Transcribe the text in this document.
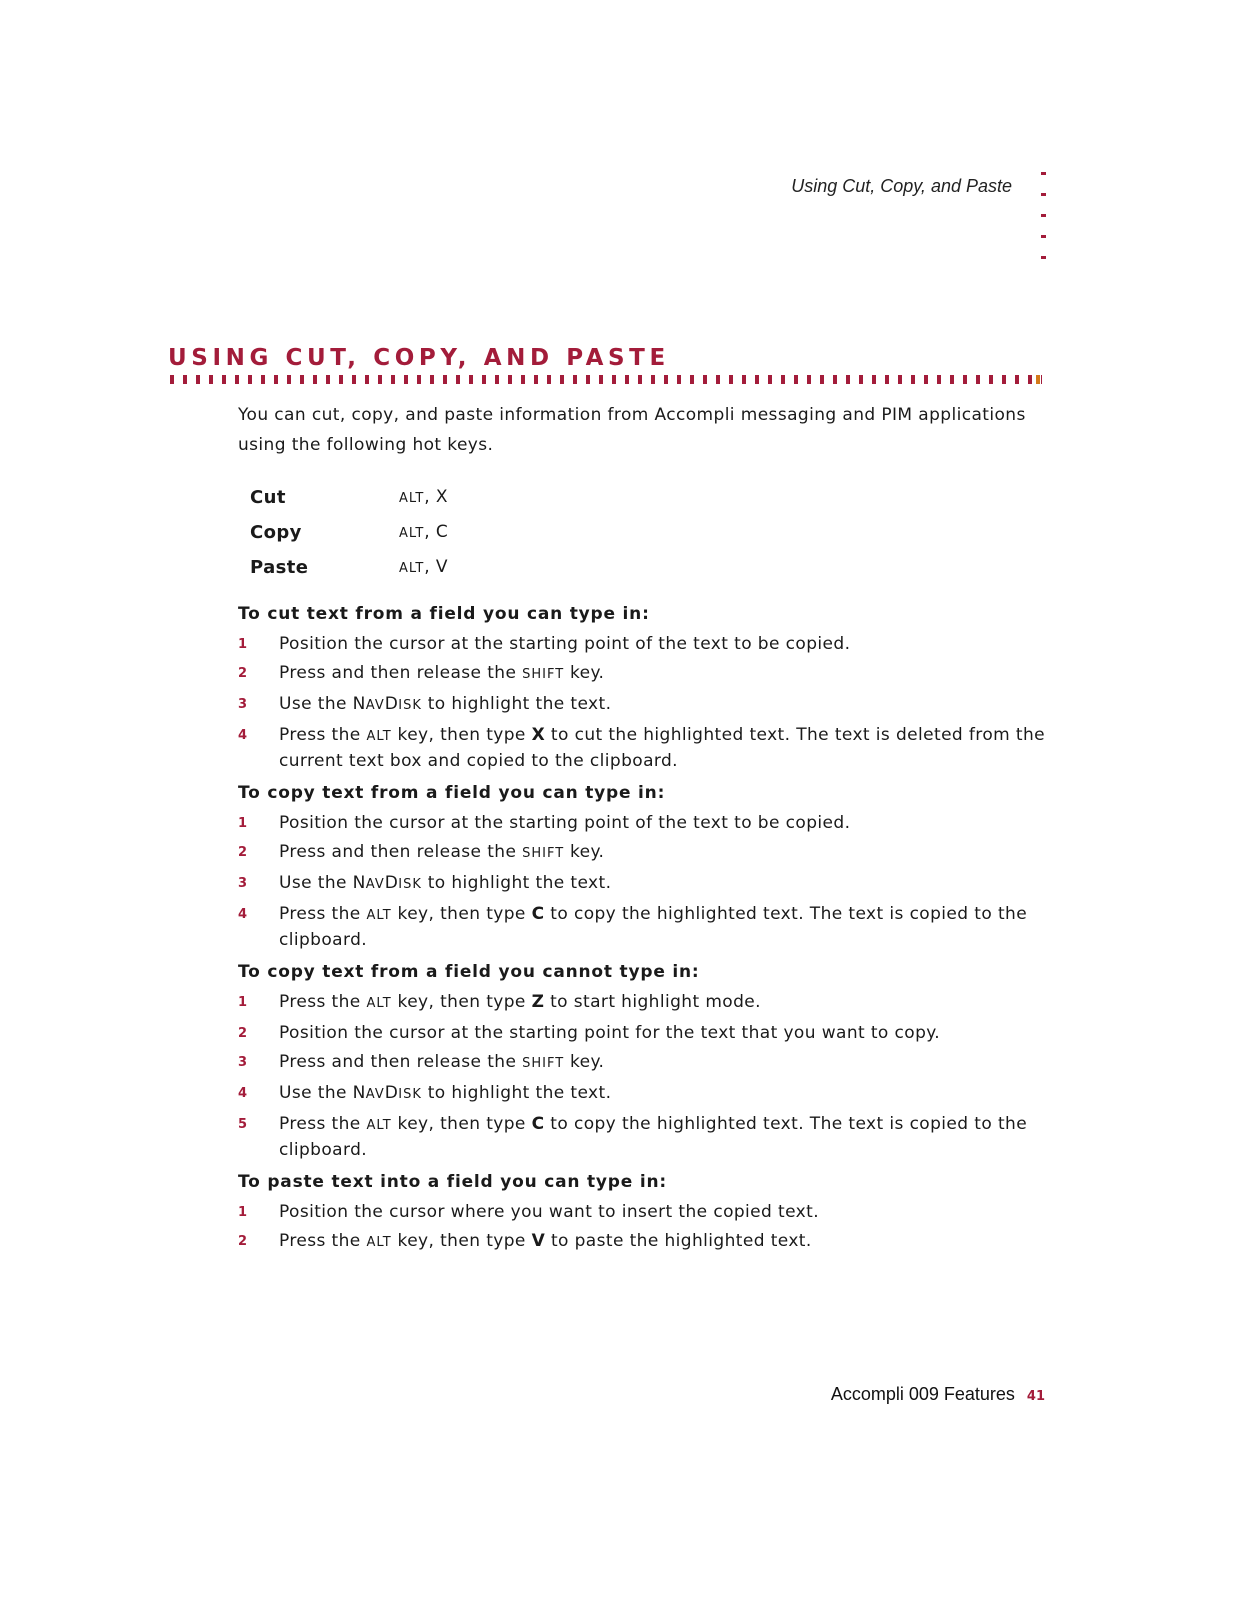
Using Cut, Copy, and Paste
USING CUT, COPY, AND PASTE

You can cut, copy, and paste information from Accompli messaging and PIM applications using the following hot keys.

Cut	ALT, X
Copy	ALT, C
Paste	ALT, V
To cut text from a field you can type in:
1 Position the cursor at the starting point of the text to be copied.
2 Press and then release the SHIFT key.
3 Use the NAVDISK to highlight the text.
4 Press the ALT key, then type X to cut the highlighted text. The text is deleted from the current text box and copied to the clipboard.
To copy text from a field you can type in:
1 Position the cursor at the starting point of the text to be copied.
2 Press and then release the SHIFT key.
3 Use the NAVDISK to highlight the text.
4 Press the ALT key, then type C to copy the highlighted text. The text is copied to the clipboard.
To copy text from a field you cannot type in:
1 Press the ALT key, then type Z to start highlight mode.
2 Position the cursor at the starting point for the text that you want to copy.
3 Press and then release the SHIFT key.
4 Use the NAVDISK to highlight the text.
5 Press the ALT key, then type C to copy the highlighted text. The text is copied to the clipboard.
To paste text into a field you can type in:
1 Position the cursor where you want to insert the copied text.
2 Press the ALT key, then type V to paste the highlighted text.
Accompli 009 Features 41
